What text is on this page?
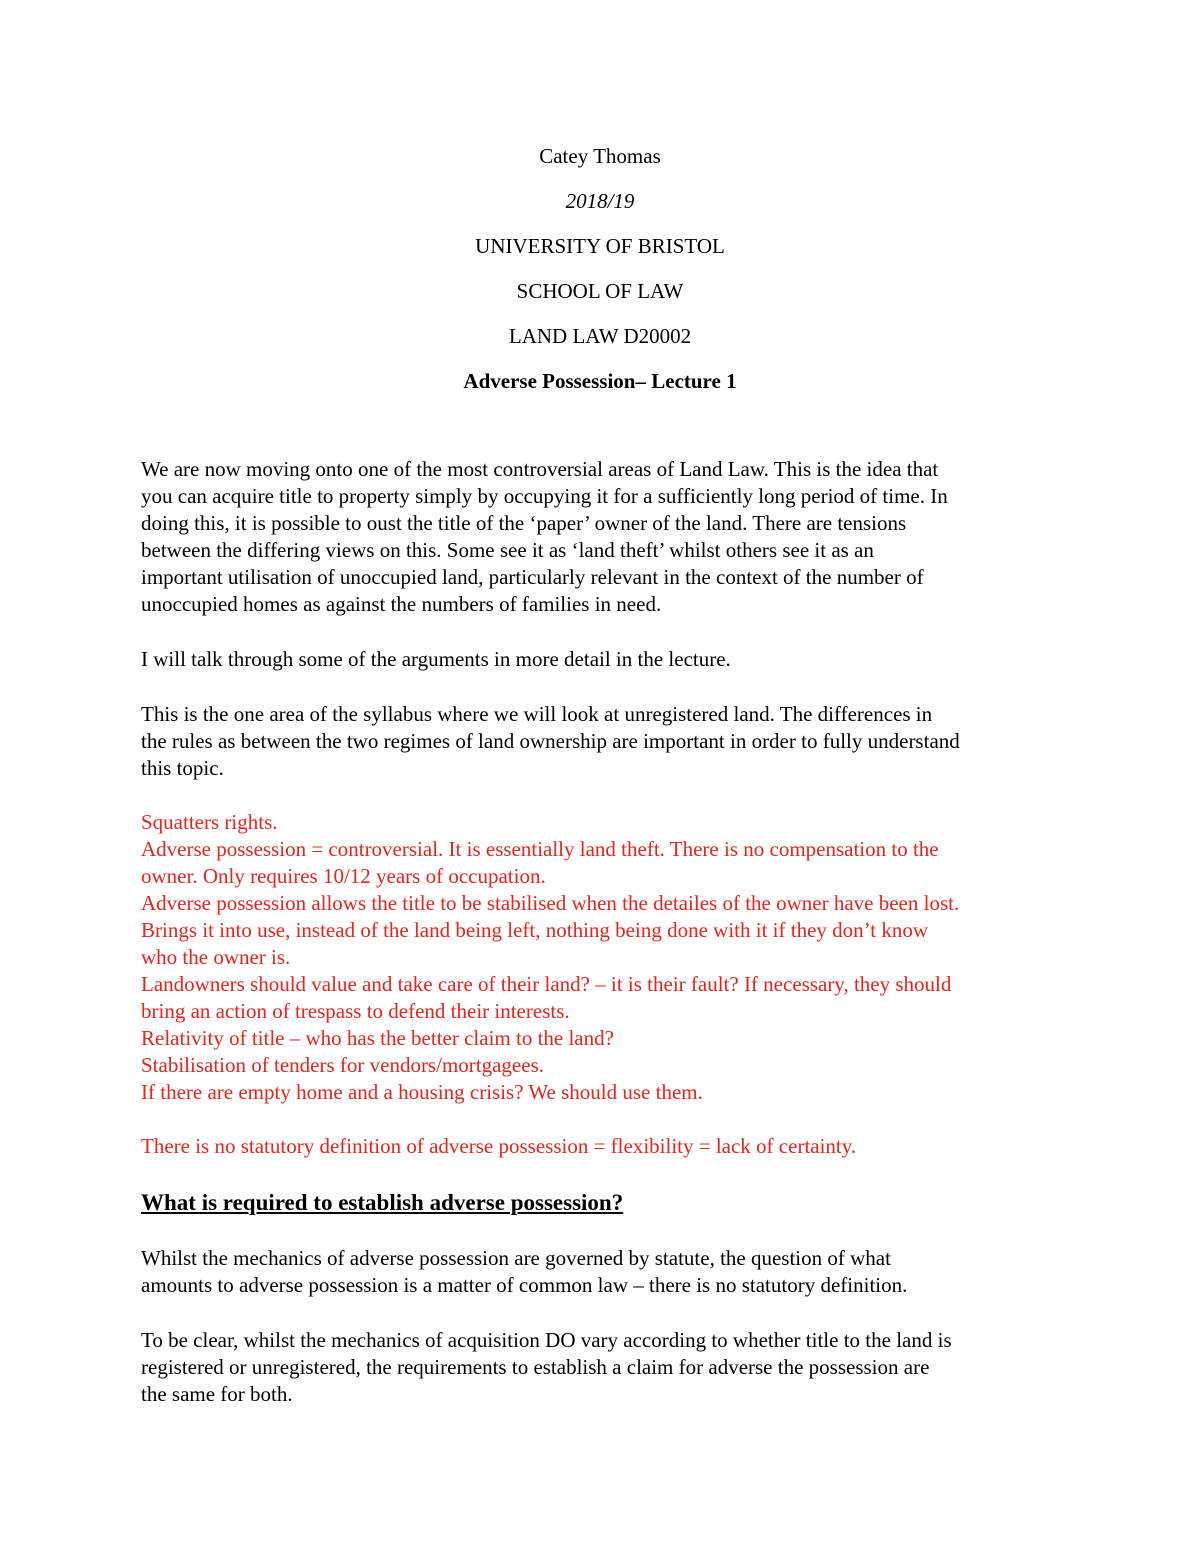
Catey Thomas
2018/19
UNIVERSITY OF BRISTOL
SCHOOL OF LAW
LAND LAW D20002
Adverse Possession– Lecture 1
We are now moving onto one of the most controversial areas of Land Law. This is the idea that
you can acquire title to property simply by occupying it for a sufficiently long period of time. In
doing this, it is possible to oust the title of the ‘paper’ owner of the land. There are tensions
between the differing views on this. Some see it as ‘land theft’ whilst others see it as an
important utilisation of unoccupied land, particularly relevant in the context of the number of
unoccupied homes as against the numbers of families in need.
I will talk through some of the arguments in more detail in the lecture.
This is the one area of the syllabus where we will look at unregistered land. The differences in
the rules as between the two regimes of land ownership are important in order to fully understand
this topic.
Squatters rights.
Adverse possession = controversial. It is essentially land theft. There is no compensation to the
owner. Only requires 10/12 years of occupation.
Adverse possession allows the title to be stabilised when the detailes of the owner have been lost.
Brings it into use, instead of the land being left, nothing being done with it if they don’t know
who the owner is.
Landowners should value and take care of their land? – it is their fault? If necessary, they should
bring an action of trespass to defend their interests.
Relativity of title – who has the better claim to the land?
Stabilisation of tenders for vendors/mortgagees.
If there are empty home and a housing crisis? We should use them.
There is no statutory definition of adverse possession = flexibility = lack of certainty.
What is required to establish adverse possession?
Whilst the mechanics of adverse possession are governed by statute, the question of what
amounts to adverse possession is a matter of common law – there is no statutory definition.
To be clear, whilst the mechanics of acquisition DO vary according to whether title to the land is
registered or unregistered, the requirements to establish a claim for adverse the possession are
the same for both.
